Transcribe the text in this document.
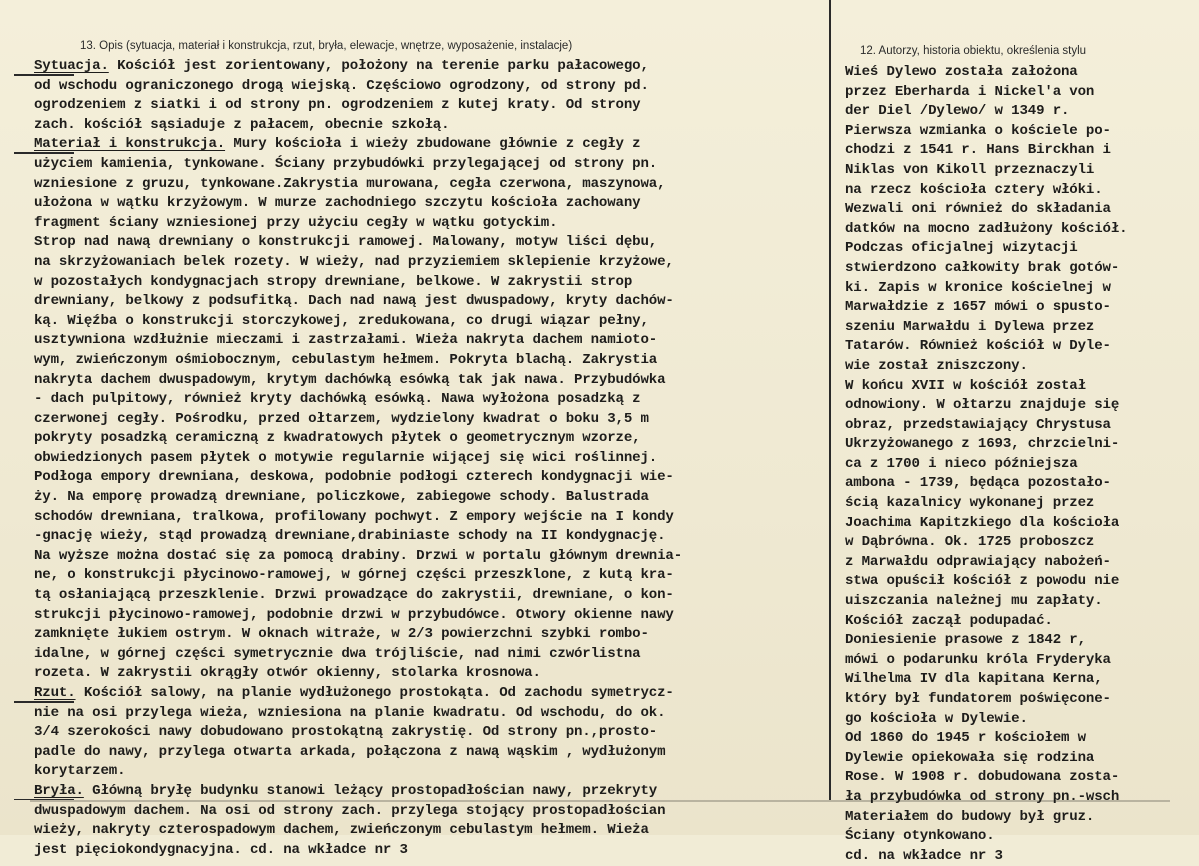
13. Opis (sytuacja, materiał i konstrukcja, rzut, bryła, elewacje, wnętrze, wyposażenie, instalacje)	12. Autorzy, historia obiektu, określenia stylu
Sytuacja. Kościół jest zorientowany, położony na terenie parku pałacowego,
od wschodu ograniczonego drogą wiejską. Częściowo ogrodzony, od strony pd.
ogrodzeniem z siatki i od strony pn. ogrodzeniem z kutej kraty. Od strony
zach. kościół sąsiaduje z pałacem, obecnie szkołą.
Materiał i konstrukcja. Mury kościoła i wieży zbudowane głównie z cegły z
użyciem kamienia, tynkowane. Ściany przybudówki przylegającej od strony pn.
wzniesione z gruzu, tynkowane.Zakrystia murowana, cegła czerwona, maszynowa,
ułożona w wątku krzyżowym. W murze zachodniego szczytu kościoła zachowany
fragment ściany wzniesionej przy użyciu cegły w wątku gotyckim.
Strop nad nawą drewniany o konstrukcji ramowej. Malowany, motyw liści dębu,
na skrzyżowaniach belek rozety. W wieży, nad przyziemiem sklepienie krzyżowe,
w pozostałych kondygnacjach stropy drewniane, belkowe. W zakrystii strop
drewniany, belkowy z podsufitką. Dach nad nawą jest dwuspadowy, kryty dachów-
ką. Więźba o konstrukcji storczykowej, zredukowana, co drugi wiązar pełny,
usztywniona wzdłużnie mieczami i zastrzałami. Wieża nakryta dachem namioto-
wym, zwieńczonym ośmiobocznym, cebulastym hełmem. Pokryta blachą. Zakrystia
nakryta dachem dwuspadowym, krytym dachówką esówką tak jak nawa. Przybudówka
- dach pulpitowy, również kryty dachówką esówką. Nawa wyłożona posadzką z
czerwonej cegły. Pośrodku, przed ołtarzem, wydzielony kwadrat o boku 3,5 m
pokryty posadzką ceramiczną z kwadratowych płytek o geometrycznym wzorze,
obwiedzionych pasem płytek o motywie regularnie wijącej się wici roślinnej.
Podłoga empory drewniana, deskowa, podobnie podłogi czterech kondygnacji wie-
ży. Na emporę prowadzą drewniane, policzkowe, zabiegowe schody. Balustrada
schodów drewniana, tralkowa, profilowany pochwyt. Z empory wejście na I kondy
-gnację wieży, stąd prowadzą drewniane,drabiniaste schody na II kondygnację.
Na wyższe można dostać się za pomocą drabiny. Drzwi w portalu głównym drewnia-
ne, o konstrukcji płycinowo-ramowej, w górnej części przeszklone, z kutą kra-
tą osłaniającą przeszklenie. Drzwi prowadzące do zakrystii, drewniane, o kon-
strukcji płycinowo-ramowej, podobnie drzwi w przybudówce. Otwory okienne nawy
zamknięte łukiem ostrym. W oknach witraże, w 2/3 powierzchni szybki rombo-
idalne, w górnej części symetrycznie dwa trójliście, nad nimi czwórlistna
rozeta. W zakrystii okrągły otwór okienny, stolarka krosnowa.
Rzut. Kościół salowy, na planie wydłużonego prostokąta. Od zachodu symetrycz-
nie na osi przylega wieża, wzniesiona na planie kwadratu. Od wschodu, do ok.
3/4 szerokości nawy dobudowano prostokątną zakrystię. Od strony pn.,prosto-
padle do nawy, przylega otwarta arkada, połączona z nawą wąskim , wydłużonym
korytarzem.
Bryła. Główną bryłę budynku stanowi leżący prostopadłościan nawy, przekryty
dwuspadowym dachem. Na osi od strony zach. przylega stojący prostopadłościan
wieży, nakryty czterospadowym dachem, zwieńczonym cebulastym hełmem. Wieża
jest pięciokondygnacyjna. cd. na wkładce nr 3
Wieś Dylewo została założona
przez Eberharda i Nickel'a von
der Diel /Dylewo/ w 1349 r.
Pierwsza wzmianka o kościele po-
chodzi z 1541 r. Hans Birckhan i
Niklas von Kikoll przeznaczyli
na rzecz kościoła cztery włóki.
Wezwali oni również do składania
datków na mocno zadłużony kościół.
Podczas oficjalnej wizytacji
stwierdzono całkowity brak gotów-
ki. Zapis w kronice kościelnej w
Marwałdzie z 1657 mówi o spusto-
szeniu Marwałdu i Dylewa przez
Tatarów. Również kościół w Dyle-
wie został zniszczony.
W końcu XVII w kościół został
odnowiony. W ołtarzu znajduje się
obraz, przedstawiający Chrystusa
Ukrzyżowanego z 1693, chrzcielni-
ca z 1700 i nieco późniejsza
ambona - 1739, będąca pozostało-
ścią kazalnicy wykonanej przez
Joachima Kapitzkiego dla kościoła
w Dąbrówna. Ok. 1725 proboszcz
z Marwałdu odprawiający nabożeń-
stwa opuścił kościół z powodu nie
uiszczania należnej mu zapłaty.
Kościół zaczął podupadać.
Doniesienie prasowe z 1842 r,
mówi o podarunku króla Fryderyka
Wilhelma IV dla kapitana Kerna,
który był fundatorem poświęcone-
go kościoła w Dylewie.
Od 1860 do 1945 r kościołem w
Dylewie opiekowała się rodzina
Rose. W 1908 r. dobudowana zosta-
ła przybudówka od strony pn.-wsch
Materiałem do budowy był gruz.
Ściany otynkowano.
cd. na wkładce nr 3
